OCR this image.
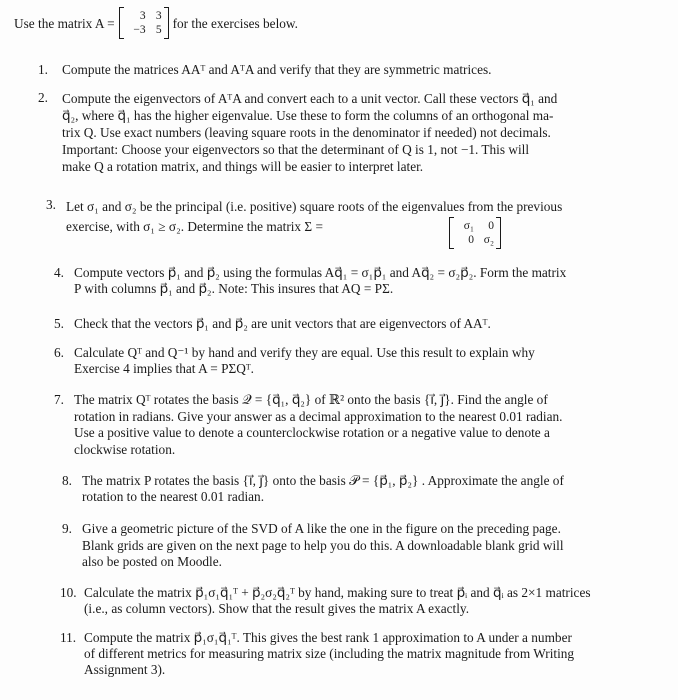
Use the matrix A =	3 3
−3 5 for the exercises below.
1. Compute the matrices AAᵀ and AᵀA and verify that they are symmetric matrices.
2. Compute the eigenvectors of AᵀA and convert each to a unit vector. Call these vectors q⃗₁ and
q⃗₂, where q⃗₁ has the higher eigenvalue. Use these to form the columns of an orthogonal ma-
trix Q. Use exact numbers (leaving square roots in the denominator if needed) not decimals.
Important: Choose your eigenvectors so that the determinant of Q is 1, not −1. This will
make Q a rotation matrix, and things will be easier to interpret later.
3. Let σ₁ and σ₂ be the principal (i.e. positive) square roots of the eigenvalues from the previous
exercise, with σ₁ ≥ σ₂. Determine the matrix Σ =	σ₁	0
0 σ₂
4. Compute vectors p⃗₁ and p⃗₂ using the formulas Aq⃗₁ = σ₁p⃗₁ and Aq⃗₂ = σ₂p⃗₂. Form the matrix
P with columns p⃗₁ and p⃗₂. Note: This insures that AQ = PΣ.
5. Check that the vectors p⃗₁ and p⃗₂ are unit vectors that are eigenvectors of AAᵀ.
6. Calculate Qᵀ and Q⁻¹ by hand and verify they are equal. Use this result to explain why
Exercise 4 implies that A = PΣQᵀ.
7. The matrix Qᵀ rotates the basis 𝒬 = {q⃗₁, q⃗₂} of ℝ² onto the basis {i⃗, j⃗}. Find the angle of
rotation in radians. Give your answer as a decimal approximation to the nearest 0.01 radian.
Use a positive value to denote a counterclockwise rotation or a negative value to denote a
clockwise rotation.
8. The matrix P rotates the basis {i⃗, j⃗} onto the basis 𝒫 = {p⃗₁, p⃗₂} . Approximate the angle of
rotation to the nearest 0.01 radian.
9. Give a geometric picture of the SVD of A like the one in the figure on the preceding page.
Blank grids are given on the next page to help you do this. A downloadable blank grid will
also be posted on Moodle.
10. Calculate the matrix p⃗₁σ₁q⃗₁ᵀ + p⃗₂σ₂q⃗₂ᵀ by hand, making sure to treat p⃗ᵢ and q⃗ᵢ as 2×1 matrices
(i.e., as column vectors). Show that the result gives the matrix A exactly.
11. Compute the matrix p⃗₁σ₁q⃗₁ᵀ. This gives the best rank 1 approximation to A under a number
of different metrics for measuring matrix size (including the matrix magnitude from Writing
Assignment 3).
